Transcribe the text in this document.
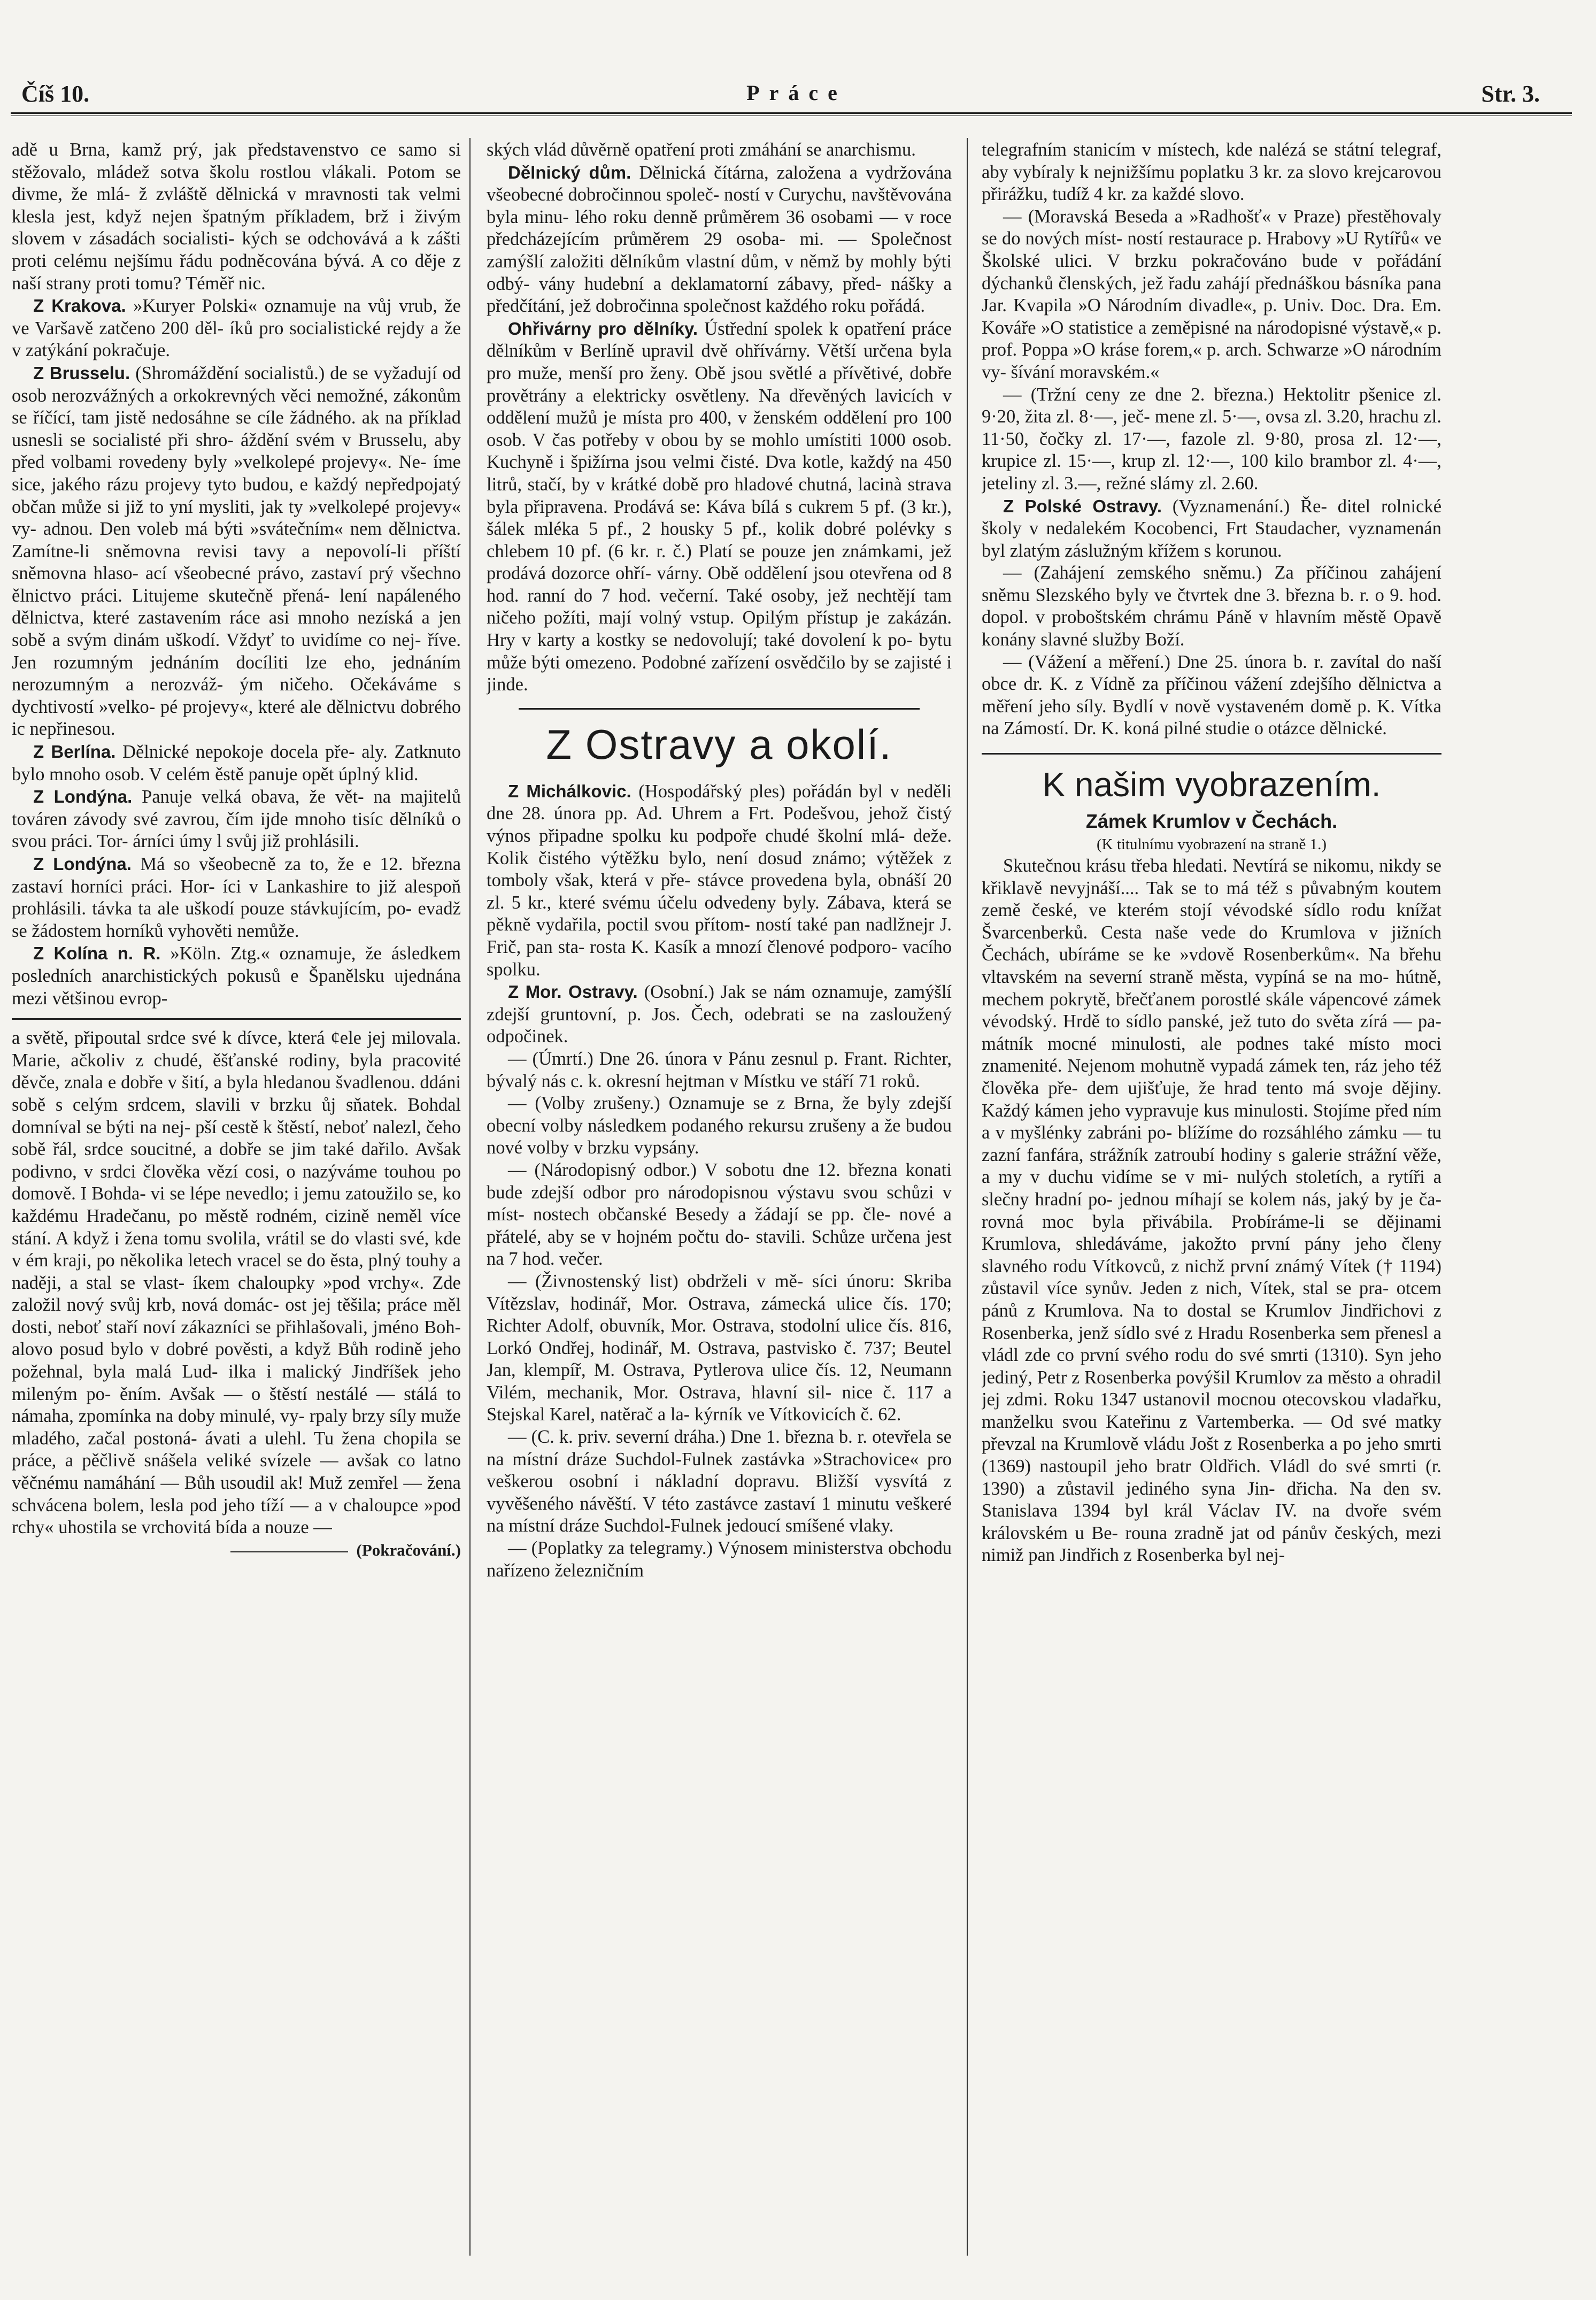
Číš 10.	Práce	Str. 3.

adě u Brna, kamž prý, jak představenstvo ce samo si stěžovalo, mládež sotva školu rostlou vlákali. Potom se divme, že mlá- ž zvláště dělnická v mravnosti tak velmi klesla jest, když nejen špatným příkladem, brž i živým slovem v zásadách socialisti- kých se odchovává a k zášti proti celému nejšímu řádu podněcována bývá. A co děje z naší strany proti tomu? Téměř nic.

Z Krakova. »Kuryer Polski« oznamuje na vůj vrub, že ve Varšavě zatčeno 200 děl- íků pro socialistické rejdy a že v zatýkání pokračuje.

Z Brusselu. (Shromáždění socialistů.) de se vyžadují od osob nerozvážných a orkokrevných věci nemožné, zákonům se říčící, tam jistě nedosáhne se cíle žádného. ak na příklad usnesli se socialisté při shro- áždění svém v Brusselu, aby před volbami rovedeny byly »velkolepé projevy«. Ne- íme sice, jakého rázu projevy tyto budou, e každý nepředpojatý občan může si již to yní mysliti, jak ty »velkolepé projevy« vy- adnou. Den voleb má býti »svátečním« nem dělnictva. Zamítne-li sněmovna revisi tavy a nepovolí-li příští sněmovna hlaso- ací všeobecné právo, zastaví prý všechno ělnictvo práci. Litujeme skutečně přená- lení napáleného dělnictva, které zastavením ráce asi mnoho nezíská a jen sobě a svým dinám uškodí. Vždyť to uvidíme co nej- říve. Jen rozumným jednáním docíliti lze eho, jednáním nerozumným a nerozváž- ým ničeho. Očekáváme s dychtivostí »velko- pé projevy«, které ale dělnictvu dobrého ic nepřinesou.

Z Berlína. Dělnické nepokoje docela pře- aly. Zatknuto bylo mnoho osob. V celém ěstě panuje opět úplný klid.

Z Londýna. Panuje velká obava, že vět- na majitelů továren závody své zavrou, čím ijde mnoho tisíc dělníků o svou práci. Tor- árníci úmy l svůj již prohlásili.

Z Londýna. Má so všeobecně za to, že e 12. března zastaví horníci práci. Hor- íci v Lankashire to již alespoň prohlásili. távka ta ale uškodí pouze stávkujícím, po- evadž se žádostem horníků vyhověti nemůže.

Z Kolína n. R. »Köln. Ztg.« oznamuje, že ásledkem posledních anarchistických pokusů e Španělsku ujednána mezi většinou evrop-

a světě, připoutal srdce své k dívce, která ¢ele jej milovala. Marie, ačkoliv z chudé, ěšťanské rodiny, byla pracovité děvče, znala e dobře v šití, a byla hledanou švadlenou. ddáni sobě s celým srdcem, slavili v brzku ůj sňatek. Bohdal domníval se býti na nej- pší cestě k štěstí, neboť nalezl, čeho sobě řál, srdce soucitné, a dobře se jim také dařilo. Avšak podivno, v srdci člověka vězí cosi, o nazýváme touhou po domově. I Bohda- vi se lépe nevedlo; i jemu zatoužilo se, ko každému Hradečanu, po městě rodném, cizině neměl více stání. A když i žena tomu svolila, vrátil se do vlasti své, kde v ém kraji, po několika letech vracel se do ěsta, plný touhy a naději, a stal se vlast- íkem chaloupky »pod vrchy«. Zde založil nový svůj krb, nová domác- ost jej těšila; práce měl dosti, neboť staří noví zákazníci se přihlašovali, jméno Boh- alovo posud bylo v dobré pověsti, a když Bůh rodině jeho požehnal, byla malá Lud- ilka i malický Jindříšek jeho mileným po- ěním. Avšak — o štěstí nestálé — stálá to námaha, zpomínka na doby minulé, vy- rpaly brzy síly muže mladého, začal postoná- ávati a ulehl. Tu žena chopila se práce, a pěčlivě snášela veliké svízele — avšak co latno věčnému namáhání — Bůh usoudil ak! Muž zemřel — žena schvácena bolem, lesla pod jeho tíží — a v chaloupce »pod rchy« uhostila se vrchovitá bída a nouze —

(Pokračování.)

ských vlád důvěrně opatření proti zmáhání se anarchismu.

Dělnický dům. Dělnická čítárna, založena a vydržována všeobecné dobročinnou společ- ností v Curychu, navštěvována byla minu- lého roku denně průměrem 36 osobami — v roce předcházejícím průměrem 29 osoba- mi. — Společnost zamýšlí založiti dělníkům vlastní dům, v němž by mohly býti odbý- vány hudební a deklamatorní zábavy, před- nášky a předčítání, jež dobročinna společnost každého roku pořádá.

Ohřivárny pro dělníky. Ústřední spolek k opatření práce dělníkům v Berlíně upravil dvě ohřívárny. Větší určena byla pro muže, menší pro ženy. Obě jsou světlé a přívětivé, dobře provětrány a elektricky osvětleny. Na dřevěných lavicích v oddělení mužů je místa pro 400, v ženském oddělení pro 100 osob. V čas potřeby v obou by se mohlo umístiti 1000 osob. Kuchyně i špižírna jsou velmi čisté. Dva kotle, každý na 450 litrů, stačí, by v krátké době pro hladové chutná, lacinà strava byla připravena. Prodává se: Káva bílá s cukrem 5 pf. (3 kr.), šálek mléka 5 pf., 2 housky 5 pf., kolik dobré polévky s chlebem 10 pf. (6 kr. r. č.) Platí se pouze jen známkami, jež prodává dozorce ohří- várny. Obě oddělení jsou otevřena od 8 hod. ranní do 7 hod. večerní. Také osoby, jež nechtějí tam ničeho požíti, mají volný vstup. Opilým přístup je zakázán. Hry v karty a kostky se nedovolují; také dovolení k po- bytu může býti omezeno. Podobné zařízení osvědčilo by se zajisté i jinde.

Z Ostravy a okolí.

Z Michálkovic. (Hospodářský ples) pořádán byl v neděli dne 28. února pp. Ad. Uhrem a Frt. Podešvou, jehož čistý výnos připadne spolku ku podpoře chudé školní mlá- deže. Kolik čistého výtěžku bylo, není dosud známo; výtěžek z tomboly však, která v pře- stávce provedena byla, obnáší 20 zl. 5 kr., které svému účelu odvedeny byly. Zábava, která se pěkně vydařila, poctil svou přítom- ností také pan nadlžnejr J. Frič, pan sta- rosta K. Kasík a mnozí členové podporo- vacího spolku.

Z Mor. Ostravy. (Osobní.) Jak se nám oznamuje, zamýšlí zdejší gruntovní, p. Jos. Čech, odebrati se na zasloužený odpočinek.

— (Úmrtí.) Dne 26. února v Pánu zesnul p. Frant. Richter, bývalý nás c. k. okresní hejtman v Místku ve stáří 71 roků.

— (Volby zrušeny.) Oznamuje se z Brna, že byly zdejší obecní volby následkem podaného rekursu zrušeny a že budou nové volby v brzku vypsány.

— (Národopisný odbor.) V sobotu dne 12. března konati bude zdejší odbor pro národopisnou výstavu svou schůzi v míst- nostech občanské Besedy a žádají se pp. čle- nové a přátelé, aby se v hojném počtu do- stavili. Schůze určena jest na 7 hod. večer.

— (Živnostenský list) obdrželi v mě- síci únoru: Skriba Vítězslav, hodinář, Mor. Ostrava, zámecká ulice čís. 170; Richter Adolf, obuvník, Mor. Ostrava, stodolní ulice čís. 816, Lorkó Ondřej, hodinář, M. Ostrava, pastvisko č. 737; Beutel Jan, klempíř, M. Ostrava, Pytlerova ulice čís. 12, Neumann Vilém, mechanik, Mor. Ostrava, hlavní sil- nice č. 117 a Stejskal Karel, natěrač a la- kýrník ve Vítkovicích č. 62.

— (C. k. priv. severní dráha.) Dne 1. března b. r. otevřela se na místní dráze Suchdol-Fulnek zastávka »Strachovice« pro veškerou osobní i nákladní dopravu. Bližší vysvítá z vyvěšeného návěští. V této zastávce zastaví 1 minutu veškeré na místní dráze Suchdol-Fulnek jedoucí smíšené vlaky.

— (Poplatky za telegramy.) Výnosem ministerstva obchodu nařízeno železničním

telegrafním stanicím v místech, kde nalézá se státní telegraf, aby vybíraly k nejnižšímu poplatku 3 kr. za slovo krejcarovou přirážku, tudíž 4 kr. za každé slovo.

— (Moravská Beseda a »Radhošť« v Praze) přestěhovaly se do nových míst- ností restaurace p. Hrabovy »U Rytířů« ve Školské ulici. V brzku pokračováno bude v pořádání dýchanků členských, jež řadu zahájí přednáškou básníka pana Jar. Kvapila »O Národním divadle«, p. Univ. Doc. Dra. Em. Kováře »O statistice a zeměpisné na národopisné výstavě,« p. prof. Poppa »O kráse forem,« p. arch. Schwarze »O národním vy- šívání moravském.«

— (Tržní ceny ze dne 2. března.) Hektolitr pšenice zl. 9·20, žita zl. 8·—, ječ- mene zl. 5·—, ovsa zl. 3.20, hrachu zl. 11·50, čočky zl. 17·—, fazole zl. 9·80, prosa zl. 12·—, krupice zl. 15·—, krup zl. 12·—, 100 kilo brambor zl. 4·—, jeteliny zl. 3.—, režné slámy zl. 2.60.

Z Polské Ostravy. (Vyznamenání.) Ře- ditel rolnické školy v nedalekém Kocobenci, Frt Staudacher, vyznamenán byl zlatým záslužným křížem s korunou.

— (Zahájení zemského sněmu.) Za příčinou zahájení sněmu Slezského byly ve čtvrtek dne 3. března b. r. o 9. hod. dopol. v proboštském chrámu Páně v hlavním městě Opavě konány slavné služby Boží.

— (Vážení a měření.) Dne 25. února b. r. zavítal do naší obce dr. K. z Vídně za příčinou vážení zdejšího dělnictva a měření jeho síly. Bydlí v nově vystaveném domě p. K. Vítka na Zámostí. Dr. K. koná pilné studie o otázce dělnické.

K našim vyobrazením.
Zámek Krumlov v Čechách.
(K titulnímu vyobrazení na straně 1.)

Skutečnou krásu třeba hledati. Nevtírá se nikomu, nikdy se křiklavě nevyjnáší.... Tak se to má též s půvabným koutem země české, ve kterém stojí vévodské sídlo rodu knížat Švarcenberků. Cesta naše vede do Krumlova v jižních Čechách, ubíráme se ke »vdově Rosenberkům«. Na břehu vltavském na severní straně města, vypíná se na mo- hútně, mechem pokrytě, břečťanem porostlé skále vápencové zámek vévodský. Hrdě to sídlo panské, jež tuto do světa zírá — pa- mátník mocné minulosti, ale podnes také místo moci znamenité. Nejenom mohutně vypadá zámek ten, ráz jeho též člověka pře- dem ujišťuje, že hrad tento má svoje dějiny. Každý kámen jeho vypravuje kus minulosti. Stojíme před ním a v myšlénky zabráni po- blížíme do rozsáhlého zámku — tu zazní fanfára, strážník zatroubí hodiny s galerie strážní věže, a my v duchu vidíme se v mi- nulých stoletích, a rytíři a slečny hradní po- jednou míhají se kolem nás, jaký by je ča- rovná moc byla přivábila. Probíráme-li se dějinami Krumlova, shledáváme, jakožto první pány jeho členy slavného rodu Vítkovců, z nichž první známý Vítek († 1194) zůstavil více synův. Jeden z nich, Vítek, stal se pra- otcem pánů z Krumlova. Na to dostal se Krumlov Jindřichovi z Rosenberka, jenž sídlo své z Hradu Rosenberka sem přenesl a vládl zde co první svého rodu do své smrti (1310). Syn jeho jediný, Petr z Rosenberka povýšil Krumlov za město a ohradil jej zdmi. Roku 1347 ustanovil mocnou otecovskou vladařku, manželku svou Kateřinu z Vartemberka. — Od své matky převzal na Krumlově vládu Jošt z Rosenberka a po jeho smrti (1369) nastoupil jeho bratr Oldřich. Vládl do své smrti (r. 1390) a zůstavil jediného syna Jin- dřicha. Na den sv. Stanislava 1394 byl král Václav IV. na dvoře svém královském u Be- rouna zradně jat od pánův českých, mezi nimiž pan Jindřich z Rosenberka byl nej-
